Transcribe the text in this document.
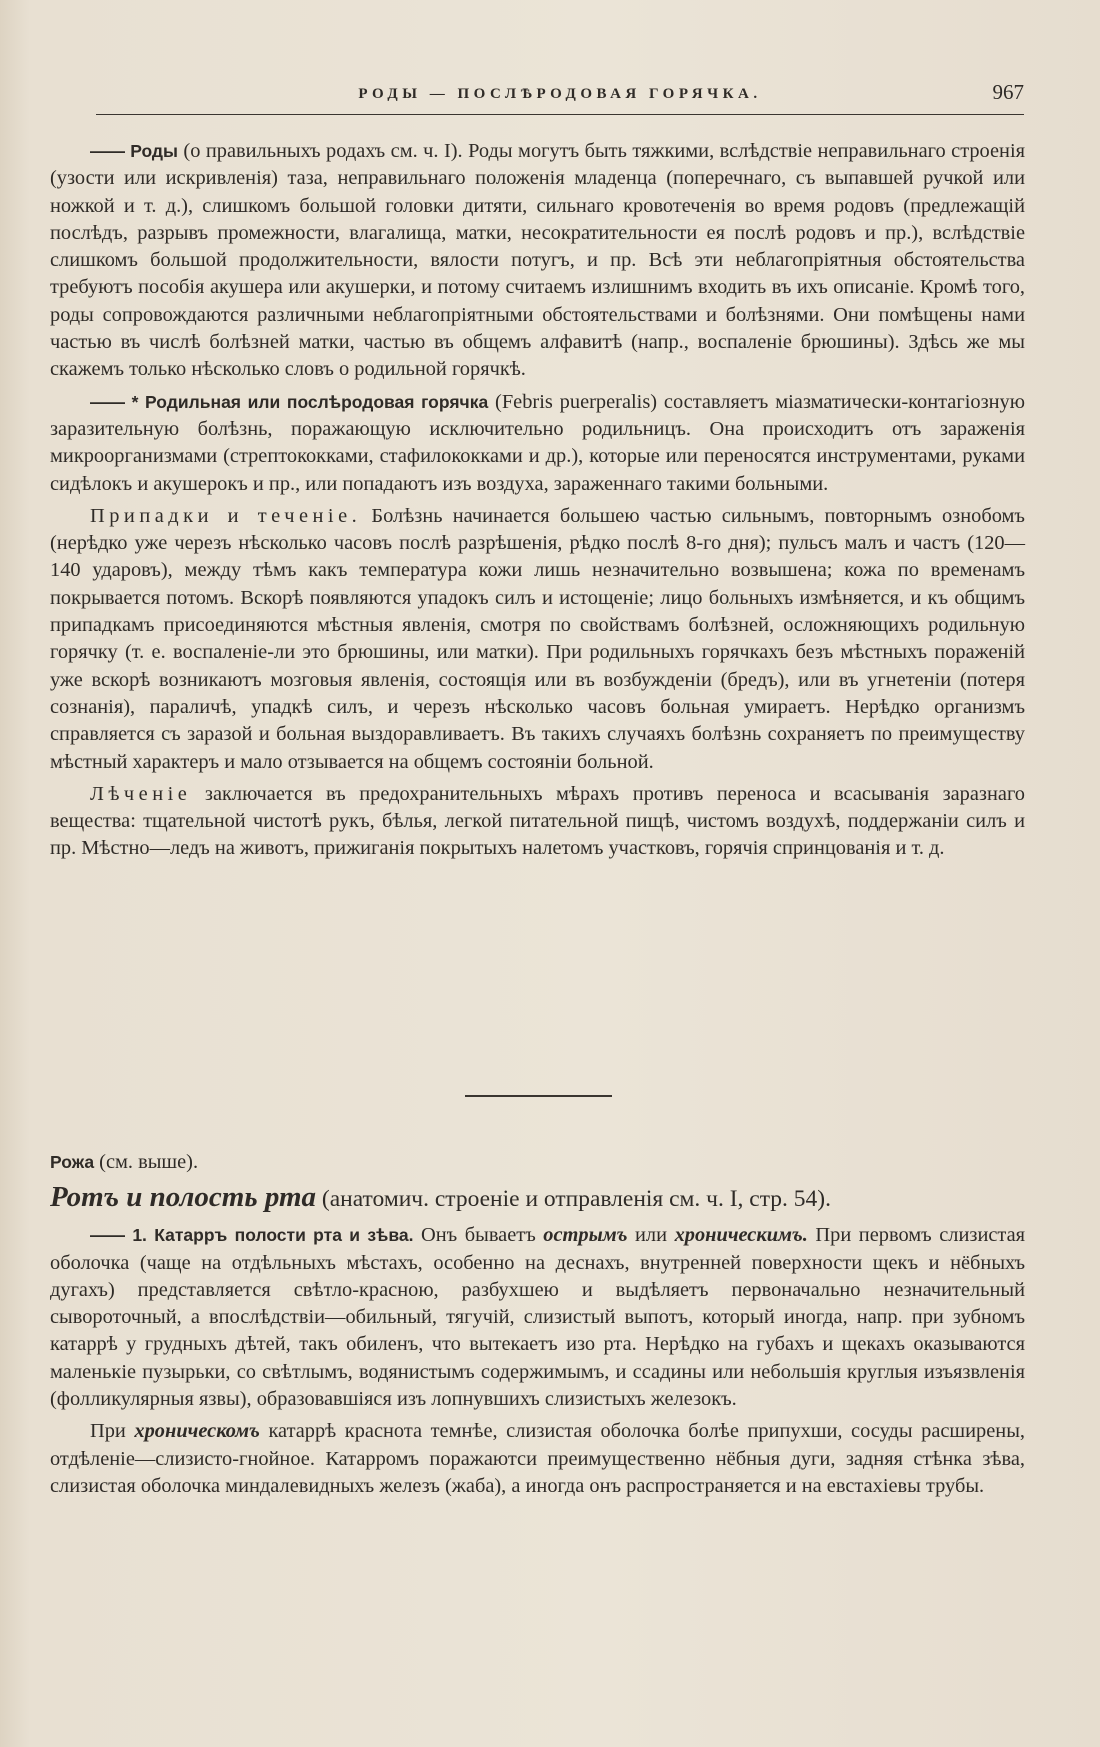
РОДЫ — ПОСЛѢРОДОВАЯ ГОРЯЧКА.	967

—— Роды (о правильныхъ родахъ см. ч. I). Роды могутъ быть тяжкими, вслѣдствіе неправильнаго строенія (узости или искривленія) таза, неправильнаго положенія младенца (поперечнаго, съ выпавшей ручкой или ножкой и т. д.), слишкомъ большой головки дитяти, сильнаго кровотеченія во время родовъ (предлежащій послѣдъ, разрывъ промежности, влагалища, матки, несократительности ея послѣ родовъ и пр.), вслѣдствіе слишкомъ большой продолжительности, вялости потугъ, и пр. Всѣ эти неблагопріятныя обстоятельства требуютъ пособія акушера или акушерки, и потому считаемъ излишнимъ входить въ ихъ описаніе. Кромѣ того, роды сопровождаются различными неблагопріятными обстоятельствами и болѣзнями. Они помѣщены нами частью въ числѣ болѣзней матки, частью въ общемъ алфавитѣ (напр., воспаленіе брюшины). Здѣсь же мы скажемъ только нѣсколько словъ о родильной горячкѣ.

—— * Родильная или послѣродовая горячка (Febris puerperalis) составляетъ міазматически-контагіозную заразительную болѣзнь, поражающую исключительно родильницъ. Она происходитъ отъ зараженія микроорганизмами (стрептококками, стафилококками и др.), которые или переносятся инструментами, руками сидѣлокъ и акушерокъ и пр., или попадаютъ изъ воздуха, зараженнаго такими больными.

Припадки и теченіе. Болѣзнь начинается большею частью сильнымъ, повторнымъ ознобомъ (нерѣдко уже черезъ нѣсколько часовъ послѣ разрѣшенія, рѣдко послѣ 8-го дня); пульсъ малъ и частъ (120—140 ударовъ), между тѣмъ какъ температура кожи лишь незначительно возвышена; кожа по временамъ покрывается потомъ. Вскорѣ появляются упадокъ силъ и истощеніе; лицо больныхъ измѣняется, и къ общимъ припадкамъ присоединяются мѣстныя явленія, смотря по свойствамъ болѣзней, осложняющихъ родильную горячку (т. е. воспаленіе-ли это брюшины, или матки). При родильныхъ горячкахъ безъ мѣстныхъ пораженій уже вскорѣ возникаютъ мозговыя явленія, состоящія или въ возбужденіи (бредъ), или въ угнетеніи (потеря сознанія), параличѣ, упадкѣ силъ, и черезъ нѣсколько часовъ больная умираетъ. Нерѣдко организмъ справляется съ заразой и больная выздоравливаетъ. Въ такихъ случаяхъ болѣзнь сохраняетъ по преимуществу мѣстный характеръ и мало отзывается на общемъ состояніи больной.

Лѣченіе заключается въ предохранительныхъ мѣрахъ противъ переноса и всасыванія заразнаго вещества: тщательной чистотѣ рукъ, бѣлья, легкой питательной пищѣ, чистомъ воздухѣ, поддержаніи силъ и пр. Мѣстно—ледъ на животъ, прижиганія покрытыхъ налетомъ участковъ, горячія спринцованія и т. д.

Рожа (см. выше).

Ротъ и полость рта (анатомич. строеніе и отправленія см. ч. I, стр. 54).

—— 1. Катарръ полости рта и зѣва. Онъ бываетъ острымъ или хроническимъ. При первомъ слизистая оболочка (чаще на отдѣльныхъ мѣстахъ, особенно на деснахъ, внутренней поверхности щекъ и нёбныхъ дугахъ) представляется свѣтло-красною, разбухшею и выдѣляетъ первоначально незначительный сывороточный, а впослѣдствіи—обильный, тягучій, слизистый выпотъ, который иногда, напр. при зубномъ катаррѣ у грудныхъ дѣтей, такъ обиленъ, что вытекаетъ изо рта. Нерѣдко на губахъ и щекахъ оказываются маленькіе пузырьки, со свѣтлымъ, водянистымъ содержимымъ, и ссадины или небольшія круглыя изъязвленія (фолликулярныя язвы), образовавшіяся изъ лопнувшихъ слизистыхъ железокъ.

При хроническомъ катаррѣ краснота темнѣе, слизистая оболочка болѣе припухши, сосуды расширены, отдѣленіе—слизисто-гнойное. Катарромъ поражаютси преимущественно нёбныя дуги, задняя стѣнка зѣва, слизистая оболочка миндалевидныхъ железъ (жаба), а иногда онъ распространяется и на евстахіевы трубы.
